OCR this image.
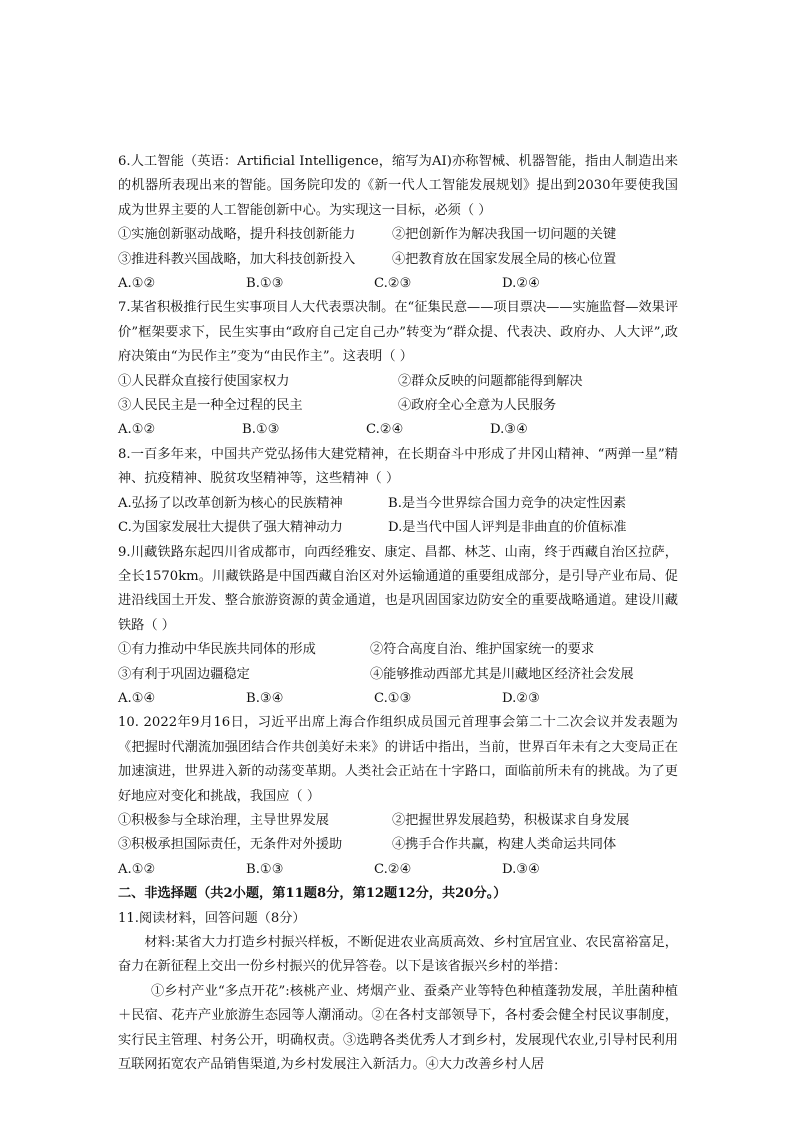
6.人工智能（英语：Artificial Intelligence，缩写为AI)亦称智械、机器智能，指由人制造出来的机器所表现出来的智能。国务院印发的《新一代人工智能发展规划》提出到2030年要使我国成为世界主要的人工智能创新中心。为实现这一目标，必须（ ）

①实施创新驱动战略，提升科技创新能力	②把创新作为解决我国一切问题的关键
③推进科教兴国战略，加大科技创新投入	④把教育放在国家发展全局的核心位置
A.①②	B.①③	C.②③	D.②④

7.某省积极推行民生实事项目人大代表票决制。在“征集民意——项目票决——实施监督—效果评价”框架要求下，民生实事由“政府自己定自己办”转变为“群众提、代表决、政府办、人大评”,政府决策由“为民作主”变为“由民作主”。这表明（ ）

①人民群众直接行使国家权力	②群众反映的问题都能得到解决
③人民民主是一种全过程的民主	④政府全心全意为人民服务
A.①②	B.①③	C.②④	D.③④

8.一百多年来，中国共产党弘扬伟大建党精神，在长期奋斗中形成了井冈山精神、“两弹一星”精神、抗疫精神、脱贫攻坚精神等，这些精神（ ）

A.弘扬了以改革创新为核心的民族精神	B.是当今世界综合国力竞争的决定性因素
C.为国家发展壮大提供了强大精神动力	D.是当代中国人评判是非曲直的价值标准

9.川藏铁路东起四川省成都市，向西经雅安、康定、昌都、林芝、山南，终于西藏自治区拉萨，全长1570km。川藏铁路是中国西藏自治区对外运输通道的重要组成部分，是引导产业布局、促进沿线国土开发、整合旅游资源的黄金通道，也是巩固国家边防安全的重要战略通道。建设川藏铁路（ ）

①有力推动中华民族共同体的形成	②符合高度自治、维护国家统一的要求
③有利于巩固边疆稳定	④能够推动西部尤其是川藏地区经济社会发展
A.①④	B.③④	C.①③	D.②③

10. 2022年9月16日，习近平出席上海合作组织成员国元首理事会第二十二次会议并发表题为《把握时代潮流加强团结合作共创美好未来》的讲话中指出，当前，世界百年未有之大变局正在加速演进，世界进入新的动荡变革期。人类社会正站在十字路口，面临前所未有的挑战。为了更好地应对变化和挑战，我国应（ ）

①积极参与全球治理，主导世界发展	②把握世界发展趋势，积极谋求自身发展
③积极承担国际责任，无条件对外援助	④携手合作共赢，构建人类命运共同体
A.①②	B.①③	C.②④	D.③④
二、非选择题（共2小题，第11题8分，第12题12分，共20分。）

11.阅读材料，回答问题（8分）

材料:某省大力打造乡村振兴样板，不断促进农业高质高效、乡村宜居宜业、农民富裕富足，奋力在新征程上交出一份乡村振兴的优异答卷。以下是该省振兴乡村的举措：

①乡村产业“多点开花”:核桃产业、烤烟产业、蚕桑产业等特色种植蓬勃发展，羊肚菌种植＋民宿、花卉产业旅游生态园等人潮涌动。②在各村支部领导下，各村委会健全村民议事制度，实行民主管理、村务公开，明确权责。③选聘各类优秀人才到乡村，发展现代农业,引导村民利用互联网拓宽农产品销售渠道,为乡村发展注入新活力。④大力改善乡村人居
